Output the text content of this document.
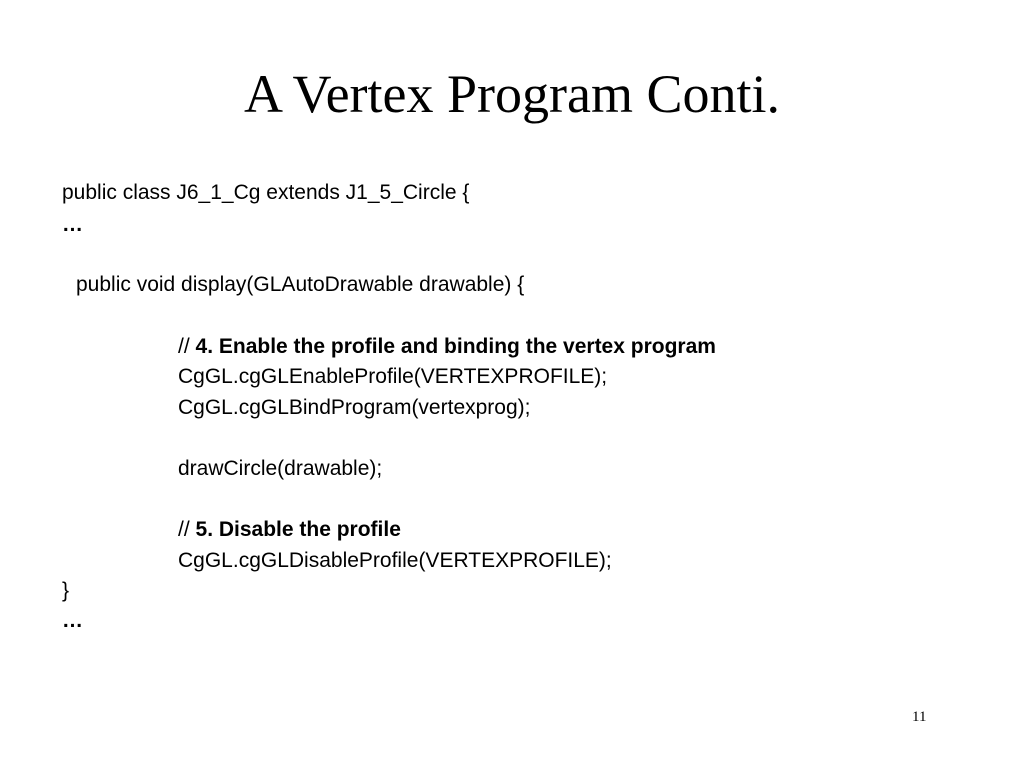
A Vertex Program Conti.
public class J6_1_Cg extends J1_5_Circle {
…
public void display(GLAutoDrawable drawable) {
// 4. Enable the profile and binding the vertex program
CgGL.cgGLEnableProfile(VERTEXPROFILE);
CgGL.cgGLBindProgram(vertexprog);
drawCircle(drawable);
// 5. Disable the profile
CgGL.cgGLDisableProfile(VERTEXPROFILE);
}
…
11
